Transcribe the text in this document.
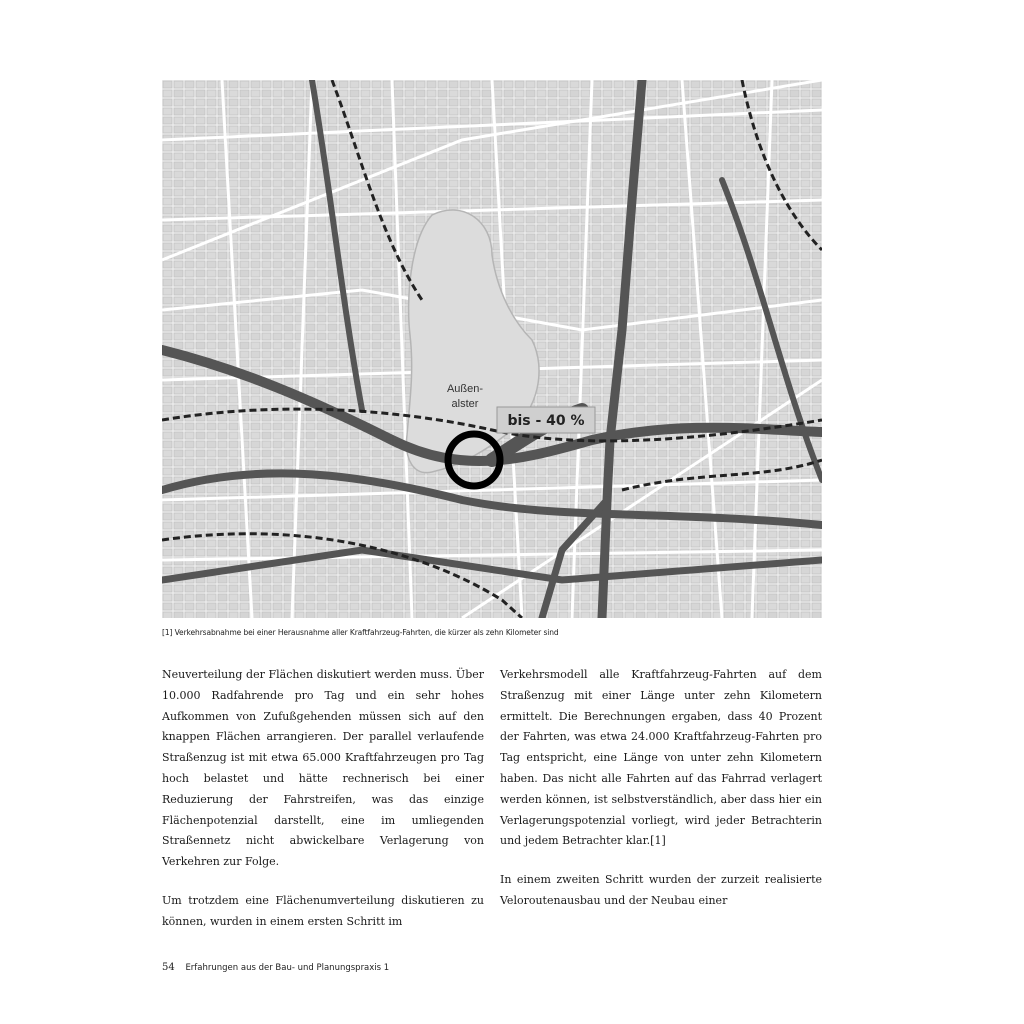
Außen-
alster
bis - 40 %
[1] Verkehrsabnahme bei einer Herausnahme aller Kraftfahrzeug-Fahrten, die kürzer als zehn Kilometer sind

Neuverteilung der Flächen diskutiert werden muss. Über 10.000 Radfahrende pro Tag und ein sehr hohes Aufkommen von Zufußgehenden müssen sich auf den knappen Flächen arrangieren. Der parallel verlaufende Straßenzug ist mit etwa 65.000 Kraftfahrzeugen pro Tag hoch belastet und hätte rechnerisch bei einer Reduzierung der Fahrstreifen, was das einzige Flächenpotenzial darstellt, eine im umliegenden Straßennetz nicht abwickelbare Verlagerung von Verkehren zur Folge.

Um trotzdem eine Flächenumverteilung diskutieren zu können, wurden in einem ersten Schritt im

Verkehrsmodell alle Kraftfahrzeug-Fahrten auf dem Straßenzug mit einer Länge unter zehn Kilometern ermittelt. Die Berechnungen ergaben, dass 40 Prozent der Fahrten, was etwa 24.000 Kraftfahrzeug-Fahrten pro Tag entspricht, eine Länge von unter zehn Kilometern haben. Das nicht alle Fahrten auf das Fahrrad verlagert werden können, ist selbstverständlich, aber dass hier ein Verlagerungspotenzial vorliegt, wird jeder Betrachterin und jedem Betrachter klar.[1]

In einem zweiten Schritt wurden der zurzeit realisierte Veloroutenausbau und der Neubau einer

54 Erfahrungen aus der Bau- und Planungspraxis 1
